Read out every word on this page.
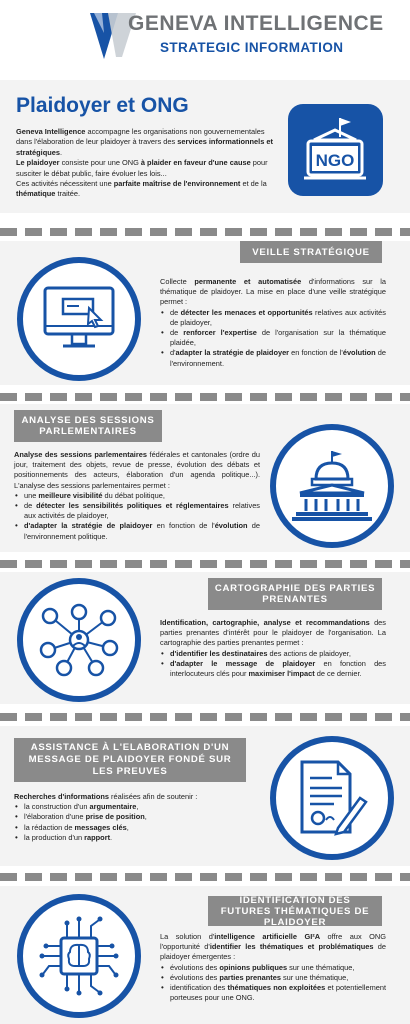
GENEVA INTELLIGENCE
STRATEGIC INFORMATION
Plaidoyer et ONG
Geneva Intelligence accompagne les organisations non gouvernementales dans l'élaboration de leur plaidoyer à travers des services informationnels et stratégiques.
Le plaidoyer consiste pour une ONG à plaider en faveur d'une cause pour susciter le débat public, faire évoluer les lois...
Ces activités nécessitent une parfaite maîtrise de l'environnement et de la thématique traitée.
NGO
VEILLE STRATÉGIQUE
Collecte permanente et automatisée d'informations sur la thématique de plaidoyer. La mise en place d'une veille stratégique permet :
• de détecter les menaces et opportunités relatives aux activités de plaidoyer,
• de renforcer l'expertise de l'organisation sur la thématique plaidée,
• d'adapter la stratégie de plaidoyer en fonction de l'évolution de l'environnement.
ANALYSE DES SESSIONS PARLEMENTAIRES
Analyse des sessions parlementaires fédérales et cantonales (ordre du jour, traitement des objets, revue de presse, évolution des débats et positionnements des acteurs, élaboration d'un agenda politique...). L'analyse des sessions parlementaires permet :
• une meilleure visibilité du débat politique,
• de détecter les sensibilités politiques et réglementaires relatives aux activités de plaidoyer,
• d'adapter la stratégie de plaidoyer en fonction de l'évolution de l'environnement politique.
CARTOGRAPHIE DES PARTIES PRENANTES
Identification, cartographie, analyse et recommandations des parties prenantes d'intérêt pour le plaidoyer de l'organisation. La cartographie des parties prenantes permet :
• d'identifier les destinataires des actions de plaidoyer,
• d'adapter le message de plaidoyer en fonction des interlocuteurs clés pour maximiser l'impact de ce dernier.
ASSISTANCE À L'ELABORATION D'UN MESSAGE DE PLAIDOYER FONDÉ SUR LES PREUVES
Recherches d'informations réalisées afin de soutenir :
• la construction d'un argumentaire,
• l'élaboration d'une prise de position,
• la rédaction de messages clés,
• la production d'un rapport.
IDENTIFICATION DES FUTURES THÉMATIQUES DE PLAIDOYER
La solution d'intelligence artificielle GI²A offre aux ONG l'opportunité d'identifier les thématiques et problématiques de plaidoyer émergentes :
• évolutions des opinions publiques sur une thématique,
• évolutions des parties prenantes sur une thématique,
• identification des thématiques non exploitées et potentiellement porteuses pour une ONG.
